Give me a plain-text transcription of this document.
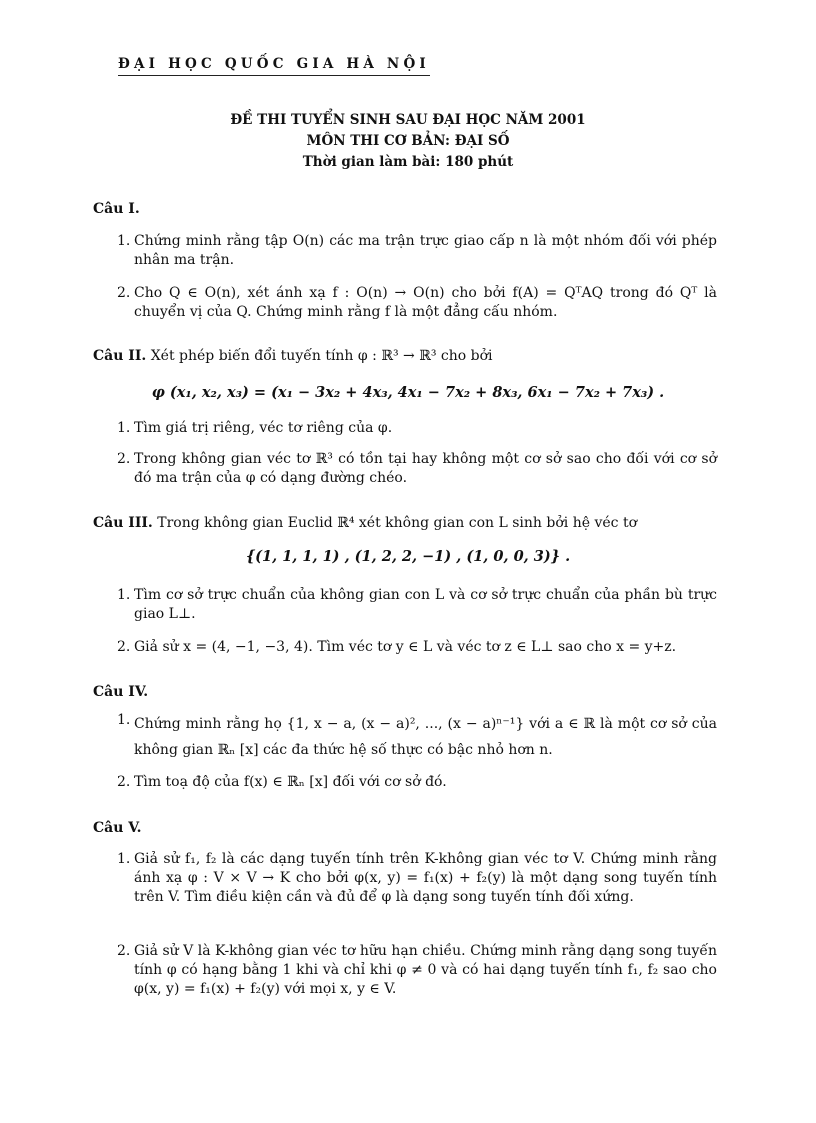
ĐẠI HỌC QUỐC GIA HÀ NỘI
ĐỀ THI TUYỂN SINH SAU ĐẠI HỌC NĂM 2001
MÔN THI CƠ BẢN: ĐẠI SỐ
Thời gian làm bài: 180 phút
Câu I.
1. Chứng minh rằng tập O(n) các ma trận trực giao cấp n là một nhóm đối với phép nhân ma trận.
2. Cho Q ∈ O(n), xét ánh xạ f : O(n) → O(n) cho bởi f(A) = QᵀAQ trong đó Qᵀ là chuyển vị của Q. Chứng minh rằng f là một đẳng cấu nhóm.
Câu II. Xét phép biến đổi tuyến tính φ : ℝ³ → ℝ³ cho bởi
φ (x₁, x₂, x₃) = (x₁ − 3x₂ + 4x₃, 4x₁ − 7x₂ + 8x₃, 6x₁ − 7x₂ + 7x₃) .
1. Tìm giá trị riêng, véc tơ riêng của φ.
2. Trong không gian véc tơ ℝ³ có tồn tại hay không một cơ sở sao cho đối với cơ sở đó ma trận của φ có dạng đường chéo.
Câu III. Trong không gian Euclid ℝ⁴ xét không gian con L sinh bởi hệ véc tơ
{(1, 1, 1, 1) , (1, 2, 2, −1) , (1, 0, 0, 3)} .
1. Tìm cơ sở trực chuẩn của không gian con L và cơ sở trực chuẩn của phần bù trực giao L⊥.
2. Giả sử x = (4, −1, −3, 4). Tìm véc tơ y ∈ L và véc tơ z ∈ L⊥ sao cho x = y+z.
Câu IV.
1. Chứng minh rằng họ {1, x − a, (x − a)², ..., (x − a)ⁿ⁻¹} với a ∈ ℝ là một cơ sở của không gian ℝₙ [x] các đa thức hệ số thực có bậc nhỏ hơn n.
2. Tìm toạ độ của f(x) ∈ ℝₙ [x] đối với cơ sở đó.
Câu V.
1. Giả sử f₁, f₂ là các dạng tuyến tính trên K-không gian véc tơ V. Chứng minh rằng ánh xạ φ : V × V → K cho bởi φ(x, y) = f₁(x) + f₂(y) là một dạng song tuyến tính trên V. Tìm điều kiện cần và đủ để φ là dạng song tuyến tính đối xứng.
2. Giả sử V là K-không gian véc tơ hữu hạn chiều. Chứng minh rằng dạng song tuyến tính φ có hạng bằng 1 khi và chỉ khi φ ≠ 0 và có hai dạng tuyến tính f₁, f₂ sao cho φ(x, y) = f₁(x) + f₂(y) với mọi x, y ∈ V.
